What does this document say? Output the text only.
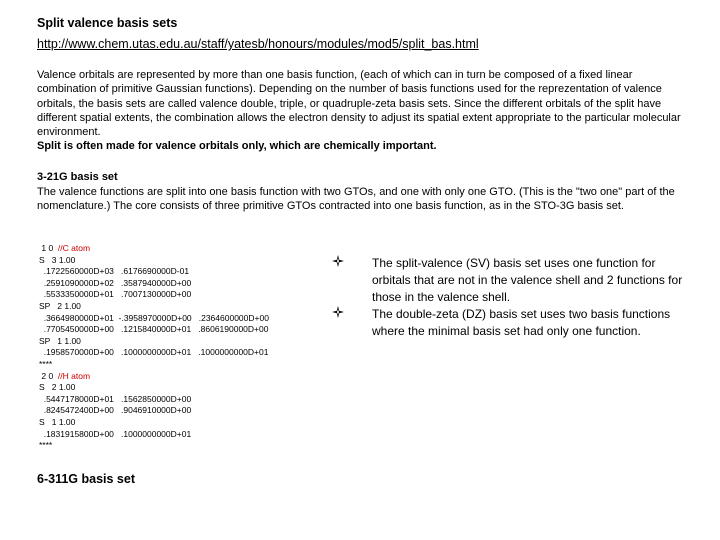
Split valence basis sets
http://www.chem.utas.edu.au/staff/yatesb/honours/modules/mod5/split_bas.html
Valence orbitals are represented by more than one basis function, (each of which can in turn be composed of a fixed linear combination of primitive Gaussian functions). Depending on the number of basis functions used for the reprezentation of valence orbitals, the basis sets are called valence double, triple, or quadruple-zeta basis sets. Since the different orbitals of the split have different spatial extents, the combination allows the electron density to adjust its spatial extent appropriate to the particular molecular environment.
Split is often made for valence orbitals only, which are chemically important.
3-21G basis set
The valence functions are split into one basis function with two GTOs, and one with only one GTO. (This is the "two one" part of the nomenclature.) The core consists of three primitive GTOs contracted into one basis function, as in the STO-3G basis set.
1 0 //C atom
S   3 1.00
.1722560000D+03   .6176690000D-01
.2591090000D+02   .3587940000D+00
.5533350000D+01   .7007130000D+00
SP   2 1.00
.3664980000D+01  -.3958970000D+00   .2364600000D+00
.7705450000D+00   .1215840000D+01   .8606190000D+00
SP   1 1.00
.1958570000D+00   .1000000000D+01   .1000000000D+01
****
2 0 //H atom
S   2 1.00
.5447178000D+01   .1562850000D+00
.8245472400D+00   .9046910000D+00
S   1 1.00
.1831915800D+00   .1000000000D+01
****
The split-valence (SV) basis set uses one function for orbitals that are not in the valence shell and 2 functions for those in the valence shell.
The double-zeta (DZ) basis set uses two basis functions where the minimal basis set had only one function.
6-311G basis set
